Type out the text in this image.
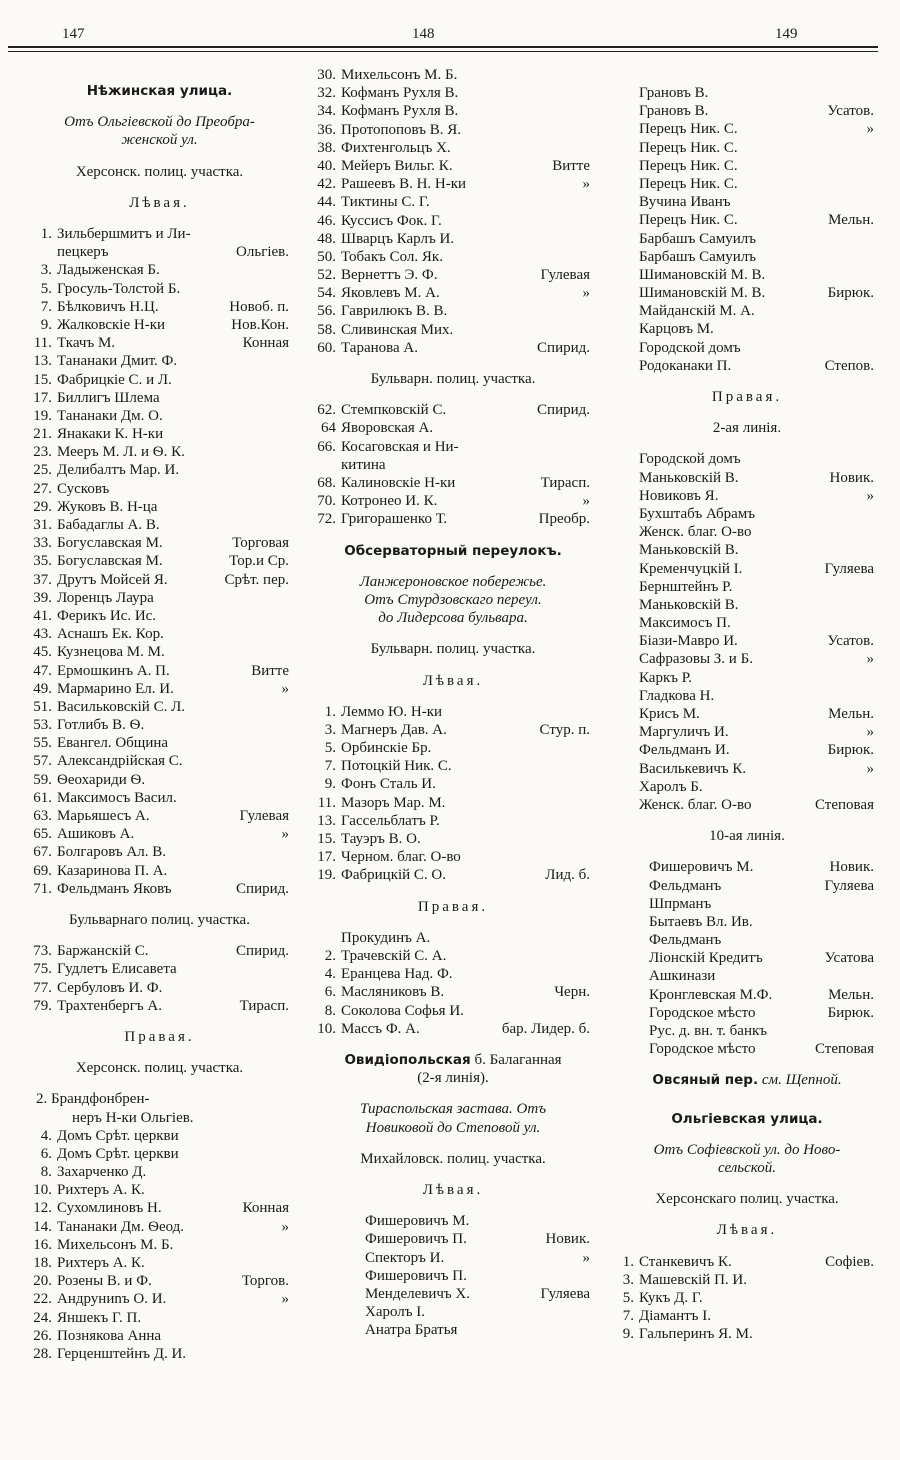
147	148	149
Нѣжинская улица.
Отъ Ольгіевской до Преобра-
женской ул.
Херсонск. полиц. участка.
Лѣвая.
1. Зильбершмитъ и Ли-
пецкеръ	Ольгіев.
3. Ладыженская Б.
5. Гросуль-Толстой Б.
7. Бѣлковичъ Н.Ц.	Новоб. п.
9. Жалковскіе Н-ки	Нов.Кон.
11. Ткачъ М.	Конная
13. Тананаки Дмит. Ф.
15. Фабрицкіе С. и Л.
17. Биллигъ Шлема
19. Тананаки Дм. О.
21. Янакаки К. Н-ки
23. Мееръ М. Л. и Ѳ. К.
25. Делибалтъ Мар. И.
27. Сусковъ
29. Жуковъ В. Н-ца
31. Бабадаглы А. В.
33. Богуславская М.	Торговая
35. Богуславская М.	Тор.и Ср.
37. Друтъ Мойсей Я.	Срѣт. пер.
39. Лоренцъ Лаура
41. Ферикъ Ис. Ис.
43. Аснашъ Ек. Кор.
45. Кузнецова М. М.
47. Ермошкинъ А. П.	Витте
49. Мармарино Ел. И.	»
51. Васильковскій С. Л.
53. Готлибъ В. Ѳ.
55. Евангел. Община
57. Александрійская С.
59. Ѳеохариди Ѳ.
61. Максимосъ Васил.
63. Марьяшесъ А.	Гулевая
65. Ашиковъ А.	»
67. Болгаровъ Ал. В.
69. Казаринова П. А.
71. Фельдманъ Яковъ	Спирид.
Бульварнаго полиц. участка.
73. Баржанскій С.	Спирид.
75. Гудлетъ Елисавета
77. Сербуловъ И. Ф.
79. Трахтенбергъ А.	Тирасп.
Правая.
Херсонск. полиц. участка.
2. Брандфонбрен-
неръ Н-ки Ольгіев.
4. Домъ Срѣт. церкви
6. Домъ Срѣт. церкви
8. Захарченко Д.
10. Рихтеръ А. К.
12. Сухомлиновъ Н.	Конная
14. Тананаки Дм. Ѳеод.	»
16. Михельсонъ М. Б.
18. Рихтеръ А. К.
20. Розены В. и Ф.	Торгов.
22. Андруниnъ О. И.	»
24. Яншекъ Г. П.
26. Познякова Анна
28. Герценштейнъ Д. И.
30. Михельсонъ М. Б.
32. Кофманъ Рухля В.
34. Кофманъ Рухля В.
36. Протопоповъ В. Я.
38. Фихтенгольцъ Х.
40. Мейеръ Вильг. К.	Витте
42. Рашеевъ В. Н. Н-ки	»
44. Тиктины С. Г.
46. Куссисъ Фок. Г.
48. Шварцъ Карлъ И.
50. Тобакъ Сол. Як.
52. Вернеттъ Э. Ф.	Гулевая
54. Яковлевъ М. А.	»
56. Гаврилюкъ В. В.
58. Сливинская Мих.
60. Таранова А.	Спирид.
Бульварн. полиц. участка.
62. Стемпковскій С.	Спирид.
64 Яворовская А.
66. Косаговская и Ни-
китина
68. Калиновскіе Н-ки	Тирасп.
70. Котронео И. К.	»
72. Григорашенко Т.	Преобр.
Обсерваторный переулокъ.
Ланжероновское побережье.
Отъ Стурдзовскаго переул.
до Лидерсова бульвара.
Бульварн. полиц. участка.
Лѣвая.
1. Леммо Ю. Н-ки
3. Магнеръ Дав. А.	Стур. п.
5. Орбинскіе Бр.
7. Потоцкій Ник. С.
9. Фонъ Сталь И.
11. Мазоръ Мар. М.
13. Гассельблатъ Р.
15. Тауэръ В. О.
17. Черном. благ. О-во
19. Фабрицкій С. О.	Лид. б.
Правая.
Прокудинъ А.
2. Трачевскій С. А.
4. Еранцева Над. Ф.
6. Масляниковъ В.	Черн.
8. Соколова Софья И.
10. Массъ Ф. А.	бар. Лидер. б.
Овидіопольская б. Балаганная
(2-я линія).
Тираспольская застава. Отъ
Новиковой до Степовой ул.
Михайловск. полиц. участка.
Лѣвая.
Фишеровичъ М.
Фишеровичъ П.	Новик.
Спекторъ И.	»
Фишеровичъ П.
Менделевичъ Х.	Гуляева
Харолъ І.
Анатра Братья
Грановъ В.
Грановъ В.	Усатов.
Перецъ Ник. С.	»
Перецъ Ник. С.
Перецъ Ник. С.
Перецъ Ник. С.
Вучина Иванъ
Перецъ Ник. С.	Мельн.
Барбашъ Самуилъ
Барбашъ Самуилъ
Шимановскій М. В.
Шимановскій М. В.	Бирюк.
Майданскій М. А.
Карцовъ М.
Городской домъ
Родоканаки П.	Степов.
Правая.
2-ая линія.
Городской домъ
Маньковскій В.	Новик.
Новиковъ Я.	»
Бухштабъ Абрамъ
Женск. благ. О-во
Маньковскій В.
Кременчуцкій І.	Гуляева
Бернштейнъ Р.
Маньковскій В.
Максимосъ П.
Біази-Мавро И.	Усатов.
Сафразовы З. и Б.	»
Каркъ Р.
Гладкова Н.
Крисъ М.	Мельн.
Маргуличъ И.	»
Фельдманъ И.	Бирюк.
Василькевичъ К.	»
Харолъ Б.
Женск. благ. О-во	Степовая
10-ая линія.
Фишеровичъ М.	Новик.
Фельдманъ	Гуляева
Шпрманъ
Бытаевъ Вл. Ив.
Фельдманъ
Ліонскій Кредитъ	Усатова
Ашкинази
Кронглевская М.Ф.	Мельн.
Городское мѣсто	Бирюк.
Рус. д. вн. т. банкъ
Городское мѣсто	Степовая
Овсяный пер. см. Щепной.
Ольгіевская улица.
Отъ Софіевской ул. до Ново-
сельской.
Херсонскаго полиц. участка.
Лѣвая.
1. Станкевичъ К.	Софіев.
3. Машевскій П. И.
5. Кукъ Д. Г.
7. Діамантъ І.
9. Гальперинъ Я. М.
